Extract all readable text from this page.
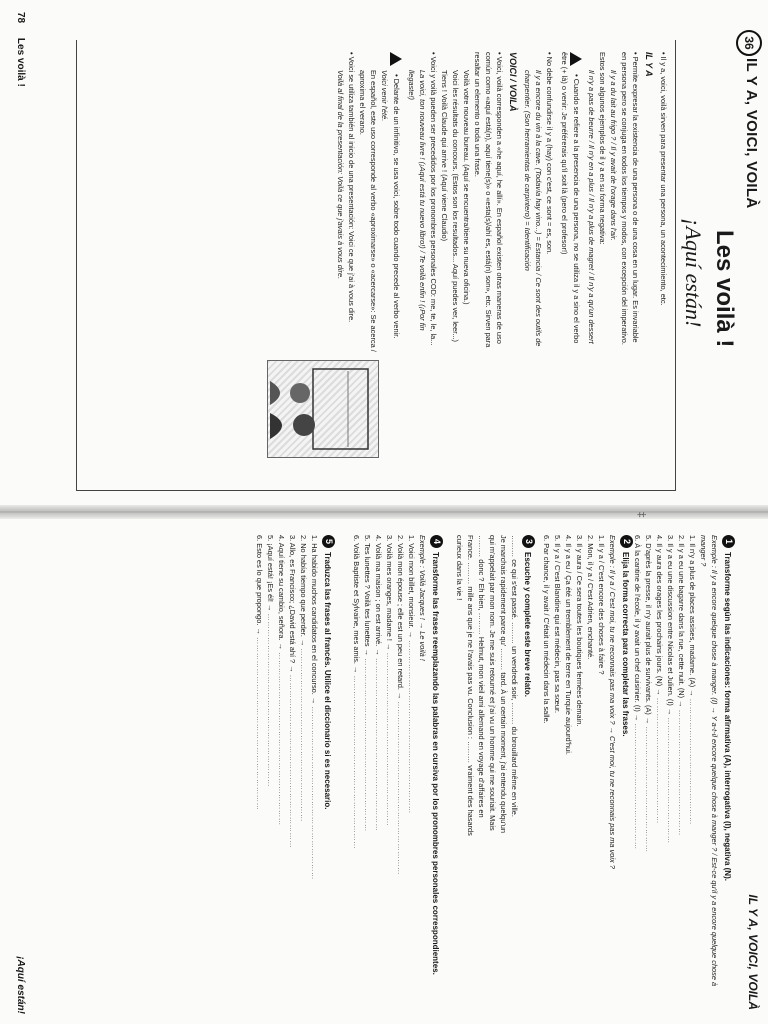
36
IL Y A, VOICI, VOILÀ
Les voilà !
¡Aquí están!
• Il y a, voici, voilà sirven para presentar una persona, un acontecimiento, etc.
IL Y A
• Permite expresar la existencia de una persona o de una cosa en un lugar. Es invariable en persona pero se conjuga en todos los tiempos y modos, con excepción del imperativo.
Il y a du lait au frigo ? / Il y avait de l'orage dans l'air.
Estos son algunos ejemplos de il y a en su forma negativa:
Il n'y a pas de beurre / Il n'y en a plus / Il n'y a plus de magret / Il n'y a qu'un dessert
• Cuando se refiere a la presencia de una persona, no se utiliza il y a sino el verbo être (+ là) o venir: Je préférerais qu'il soit là (pero el profesor!)
• No debe confundirse il y a (hay) con c'est, ce sont = es, son.
Il y a encore du vin à la cave. (Todavía hay vino...) = Estancia / Ce sont des outils de charpentier. (Son herramientas de carpintero) = Identificación
VOICI / VOILÀ
• Voici, voilà corresponden a «he aquí, he allí». En español existen otras maneras de uso común como «aquí está(n), aquí tiene(s)» o «esta(s)/ahí es, está(n) son», etc. Sirven para resaltar un elemento o toda una frase.
Voilà votre nouveau bureau. (Aquí se encuentra/tiene su nueva oficina.)
Voici les résultats du concours. (Estos son los resultados... Aquí puedes ver, leer...)
Tiens ! Voilà Claude qui arrive ! (Aquí viene Claudio)
• Voici y voilà pueden ser precedidos por los pronombres personales COD: me, te, le, la...
La voici, ton nouveau livre ! (¡Aquí está tu nuevo libro!) / Te voilà enfin ! (¡Por fin llegaste!)
• Delante de un infinitivo, se usa voici, sobre todo cuando precede al verbo venir.
Voici venir l'été.
En español, este uso corresponde al verbo «aproximarse» o «acercarse»: Se acerca / aproxima el verano.
• Voici se utiliza también al inicio de una presentación: Voici ce que j'ai à vous dire.
Voilà al final de la presentación: Voilà ce que j'avais à vous dire.
78 Les voilà !
‡
IL Y A, VOICI, VOILÀ
1Transforme según las indicaciones: forma afirmativa (A), interrogativa (I), negativa (N).
Exemple : Il y a encore quelque chose à manger. (I) → Y a-t-il encore quelque chose à manger ? / Est-ce qu'il y a encore quelque chose à manger ?
1. Il n'y a plus de places assises, madame. (A) → …………………………………………
2. Il y a eu une bagarre dans la rue, cette nuit. (N) → …………………………………………
3. Il y a eu une discussion entre Nicolas et Julien. (I) → …………………………………………
4. Il y aura des orages les prochains jours. (N) → …………………………………………
5. D'après la presse, il n'y aurait plus de survivants. (A) → …………………………………………
6. À la cantine de l'école, il y avait un chef cuisinier. (I) → …………………………………………
2Elija la forma correcta para completar las frases.
Exemple : Il y a / C'est moi, tu ne reconnais pas ma voix ? → C'est moi, tu ne reconnais pas ma voix ?
1. Il y a / C'est encore des choses à faire ?
2. Mon, il y a / C'est Adrien, enchanté.
3. Il y aura / Ce sera toutes les boutiques fermées demain.
4. Il y a eu / Ça été un tremblement de terre en Turquie aujourd'hui.
5. Il y a / C'est Blandine qui est médecin, pas sa sœur.
6. Par chance, il y avait / C'était un médecin dans la salle.
3Escuche y complete este breve relato.
……… ce qui s'est passé. ……… un vendredi soir, ……… du brouillard même en ville.
Je marchais rapidement parce qu' ……… tard. À un certain moment, j'ai entendu quelqu'un
qui m'appelait par mon nom. Je me suis retourné et j'ai vu un homme qui me souriait. Mais
……… donc ? Eh bien, ……… Helmut, mon vieil ami allemand en voyage d'affaires en
France. ……… mille ans que je ne l'avais pas vu. Conclusion : ……… vraiment des hasards
curieux dans la vie !
4Transforme las frases reemplazando las palabras en cursiva por los pronombres personales correspondientes.
Exemple : Voilà Jacques ! → Le voilà !
1. Voici mon billet, monsieur. → …………………………………………………………
2. Voilà mon épouse ; elle est un peu en retard. → …………………………………………………………
3. Voilà mes oranges, madame ! → …………………………………………………………
4. Voilà ma maison ; on est arrivé. → …………………………………………………………
5. Tes lunettes ? Voilà tes lunettes → …………………………………………………………
6. Voilà Baptiste et Sylvaine, mes amis. → …………………………………………………………
5Traduzca las frases al francés. Utilice el diccionario si es necesario.
1. Ha habido muchos candidatos en el concurso. → …………………………………………………………
2. No había tiempo que perder. → …………………………………………………………
3. Allo, es Francisco; ¿David está ahí ? → …………………………………………………………
4. Aquí tiene su cambio, señora. → …………………………………………………………
5. ¡Aquí está! ¡Es él! → …………………………………………………………
6. Esto es lo que propongo. → …………………………………………………………
¡Aquí están!
